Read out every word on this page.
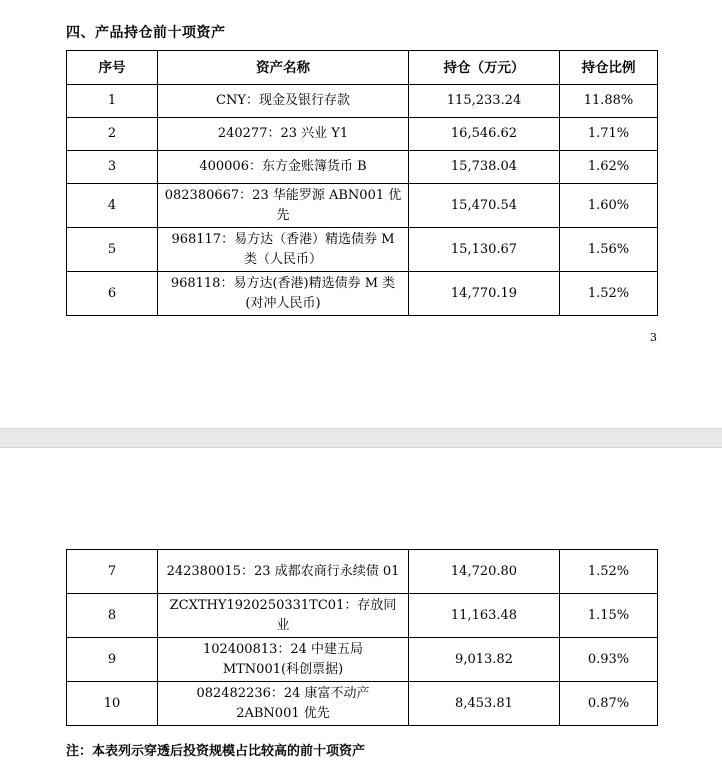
四、产品持仓前十项资产
序号	资产名称	持仓（万元）	持仓比例
1	CNY：现金及银行存款	115,233.24	11.88%
2	240277：23 兴业 Y1	16,546.62	1.71%
3	400006：东方金账簿货币 B	15,738.04	1.62%
4	082380667：23 华能罗源 ABN001 优先	15,470.54	1.60%
5	968117：易方达（香港）精选债券 M 类（人民币）	15,130.67	1.56%
6	968118：易方达(香港)精选债券 M 类(对冲人民币)	14,770.19	1.52%
3
7	242380015：23 成都农商行永续债 01	14,720.80	1.52%
8	ZCXTHY1920250331TC01：存放同业	11,163.48	1.15%
9	102400813：24 中建五局 MTN001(科创票据)	9,013.82	0.93%
10	082482236：24 康富不动产 2ABN001 优先	8,453.81	0.87%
注：本表列示穿透后投资规模占比较高的前十项资产
